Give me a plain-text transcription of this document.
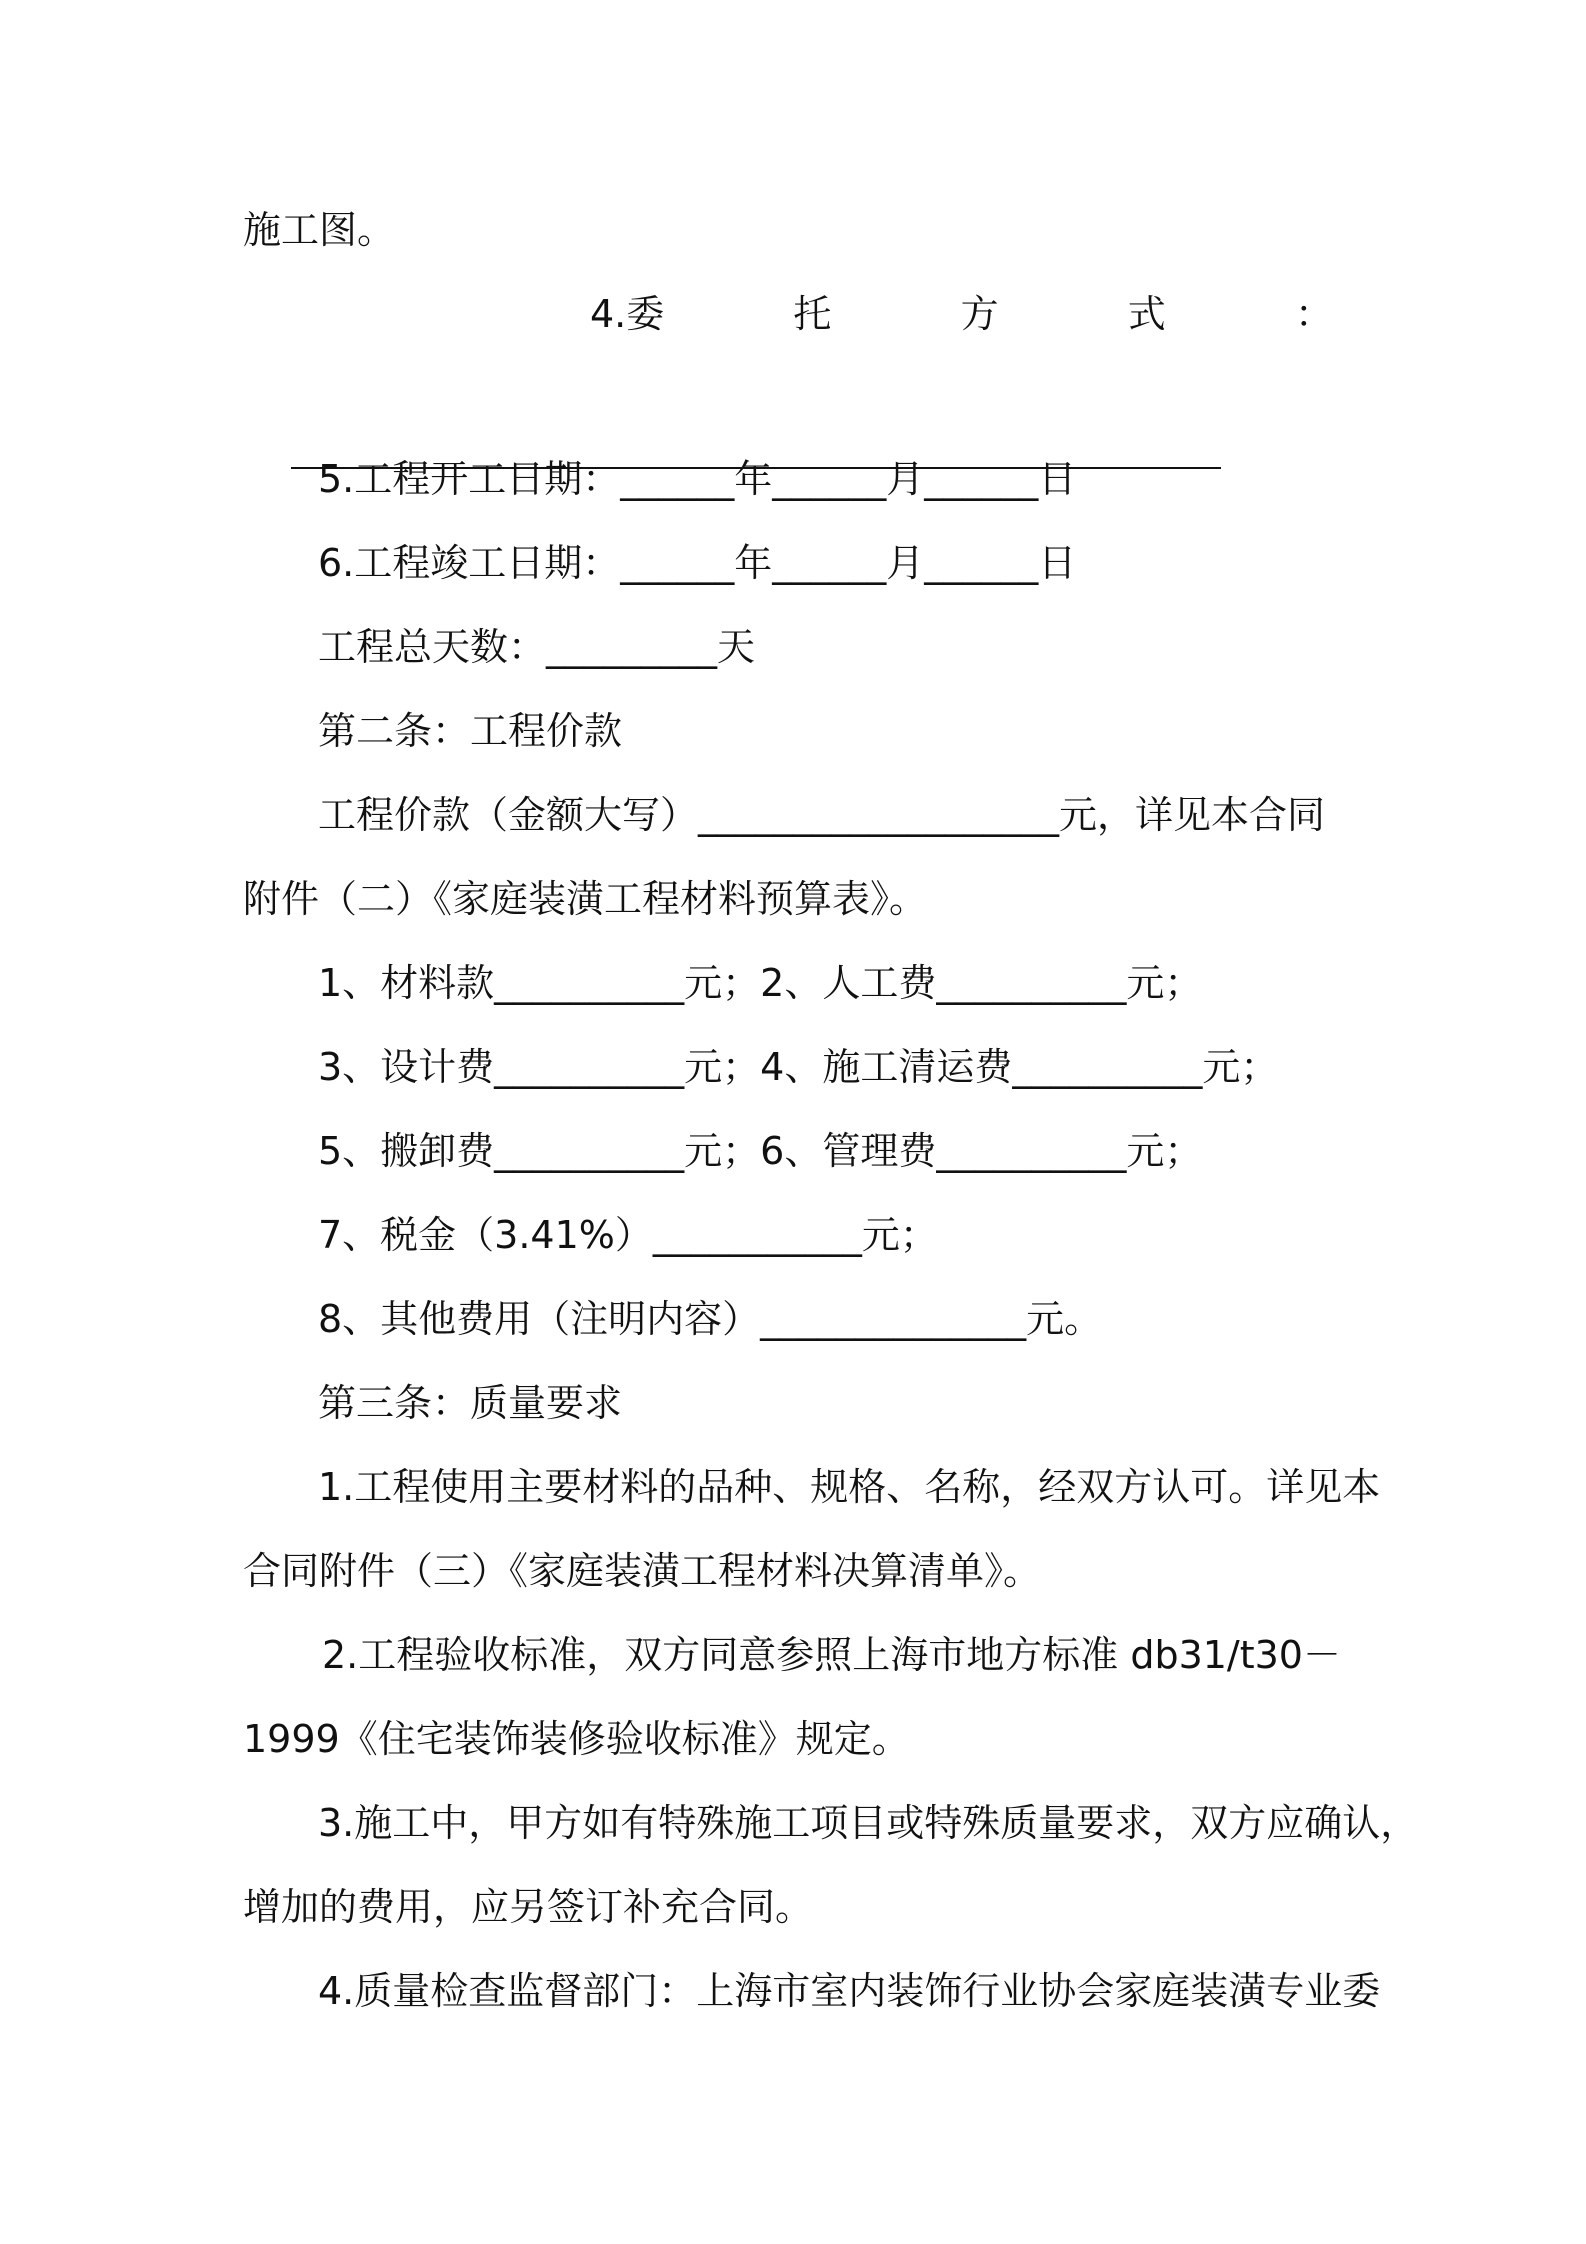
施工图。
4.委	托	方	式	：

5.工程开工日期：______年______月______日
6.工程竣工日期：______年______月______日
工程总天数：_________天
第二条：工程价款
工程价款（金额大写）___________________元，详见本合同
附件（二）《家庭装潢工程材料预算表》。
1、材料款__________元；2、人工费__________元；
3、设计费__________元；4、施工清运费__________元；
5、搬卸费__________元；6、管理费__________元；
7、税金（3.41%）___________元；
8、其他费用（注明内容）______________元。
第三条：质量要求
1.工程使用主要材料的品种、规格、名称，经双方认可。详见本
合同附件（三）《家庭装潢工程材料决算清单》。
2.工程验收标准，双方同意参照上海市地方标准 db31/t30－
1999《住宅装饰装修验收标准》规定。
3.施工中，甲方如有特殊施工项目或特殊质量要求，双方应确认，
增加的费用，应另签订补充合同。
4.质量检查监督部门：上海市室内装饰行业协会家庭装潢专业委
